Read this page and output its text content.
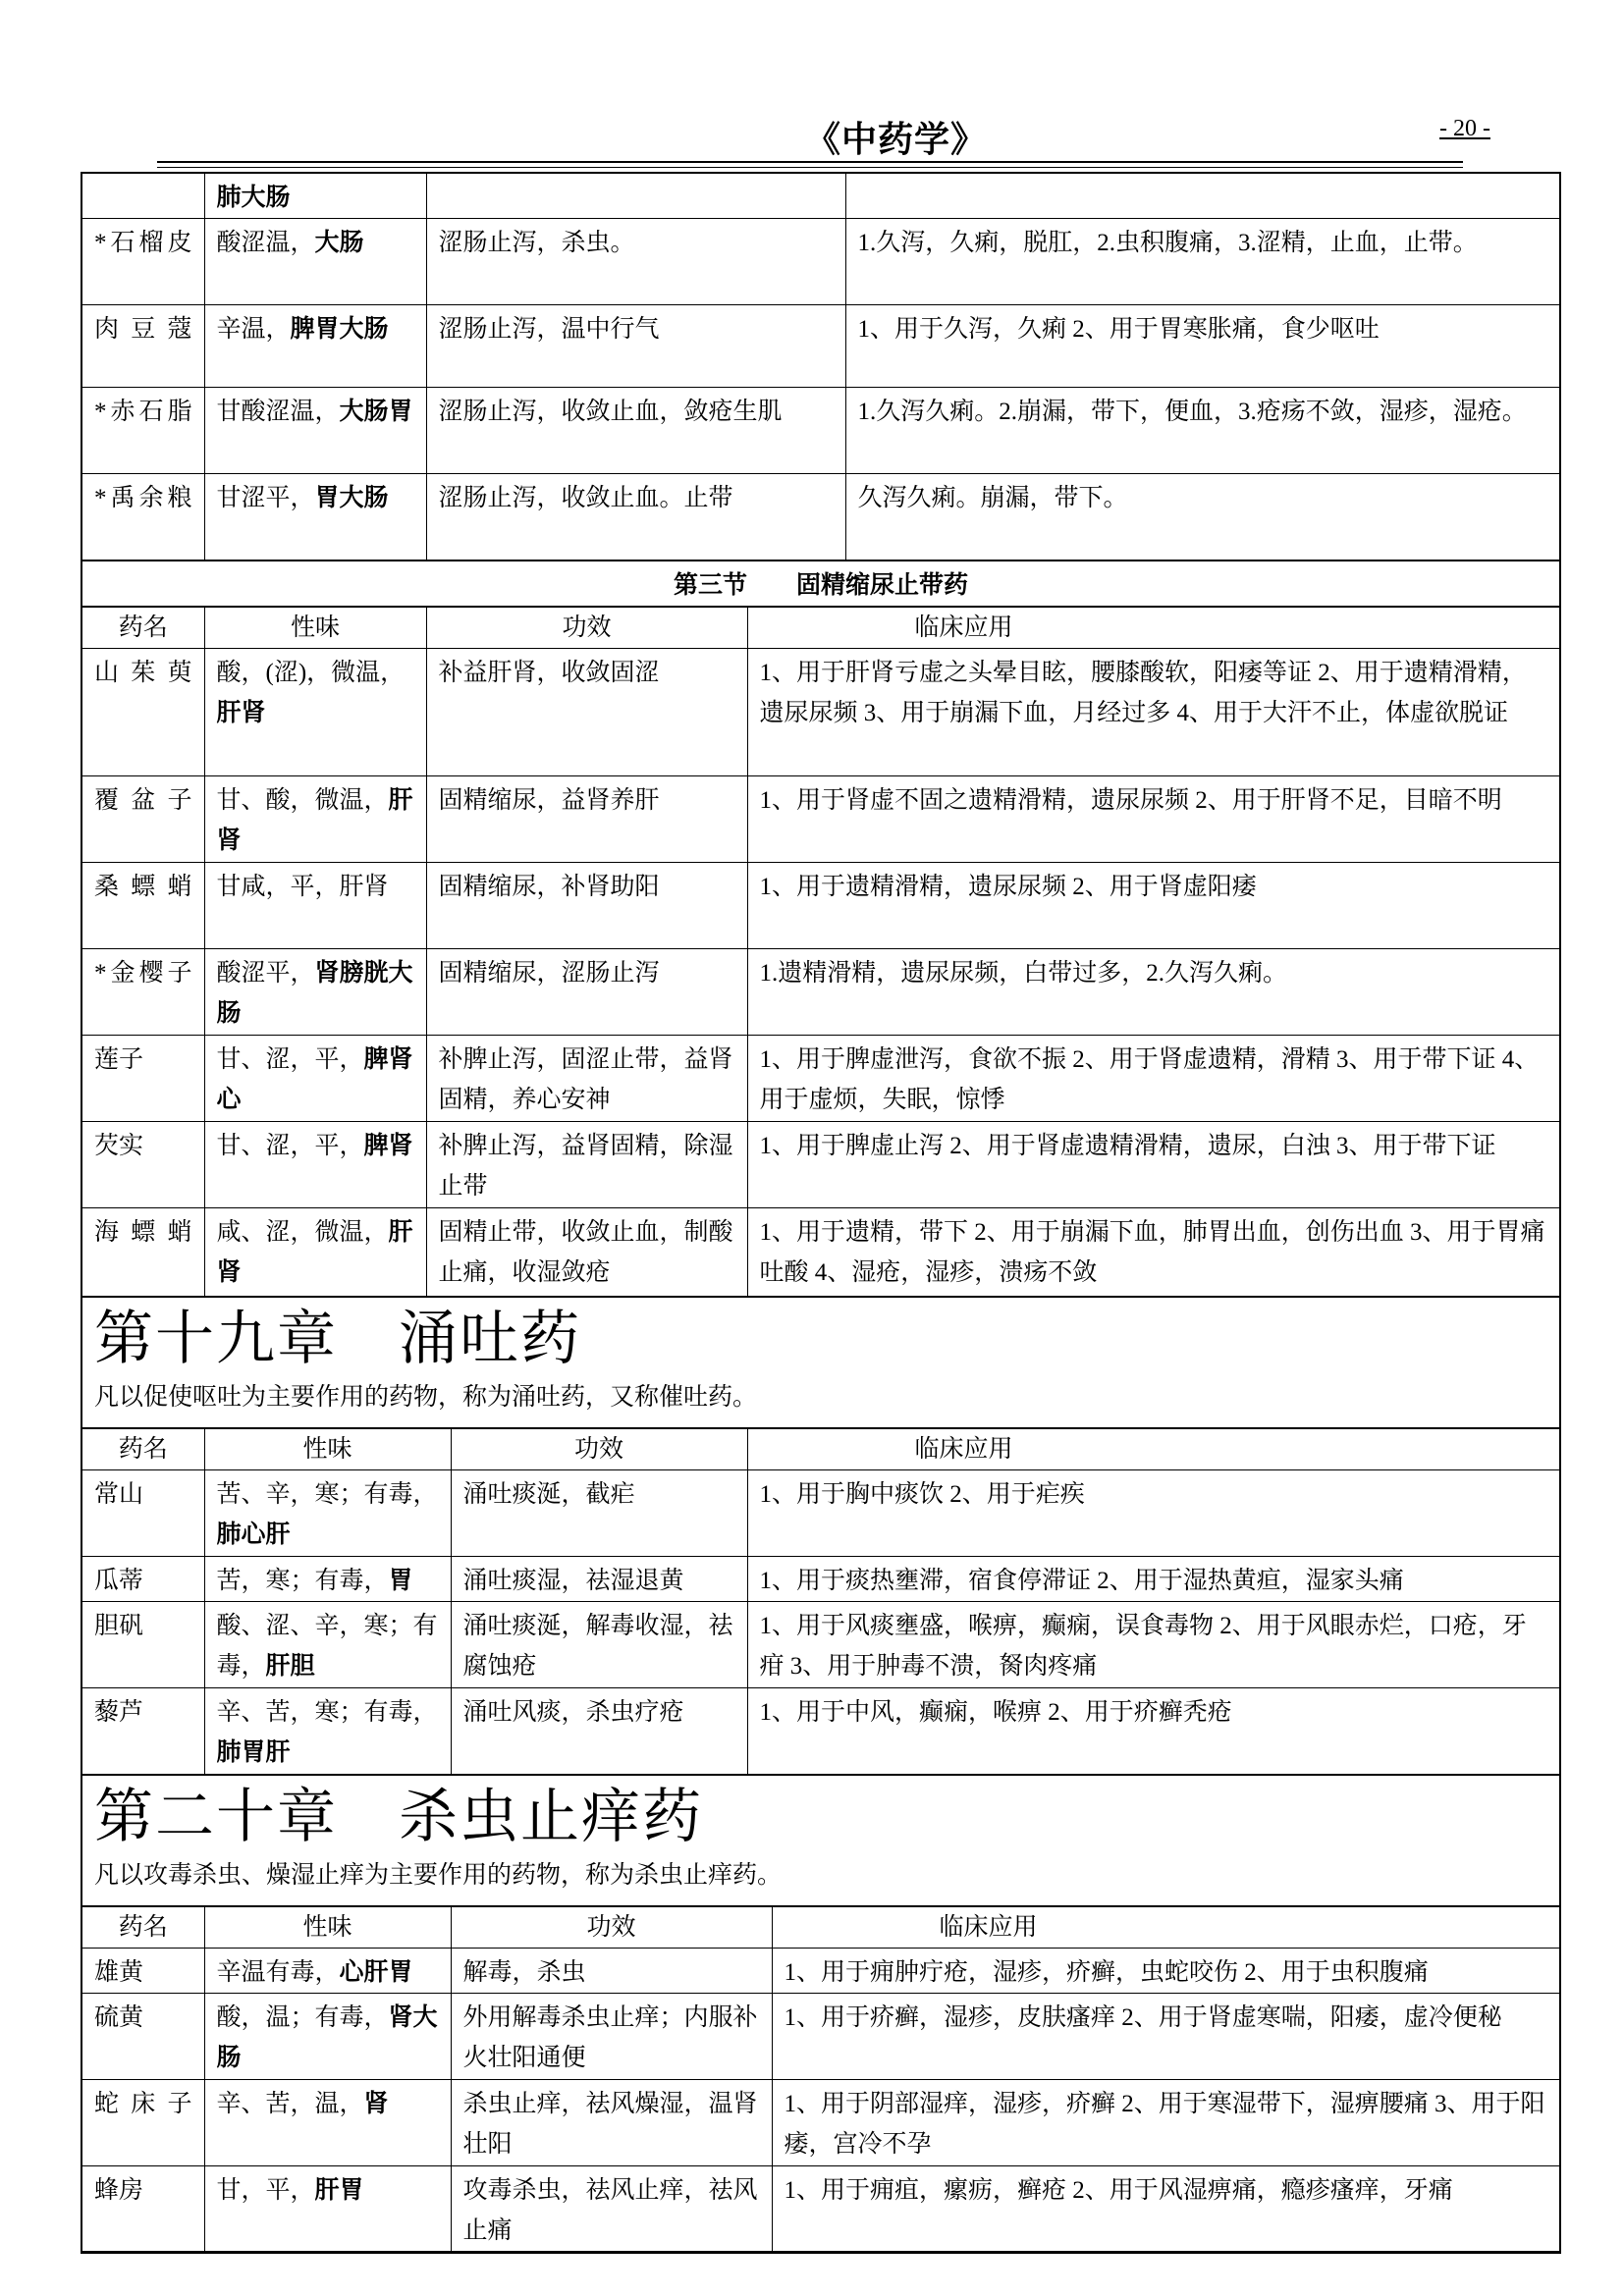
《中药学》	- 20 -
	肺大肠		
*石榴皮	酸涩温，大肠	涩肠止泻，杀虫。	1.久泻，久痢，脱肛，2.虫积腹痛，3.涩精，止血，止带。
肉豆蔻	辛温，脾胃大肠	涩肠止泻，温中行气	1、用于久泻，久痢 2、用于胃寒胀痛，食少呕吐
*赤石脂	甘酸涩温，大肠胃	涩肠止泻，收敛止血，敛疮生肌	1.久泻久痢。2.崩漏，带下，便血，3.疮疡不敛，湿疹，湿疮。
*禹余粮	甘涩平，胃大肠	涩肠止泻，收敛止血。止带	久泻久痢。崩漏，带下。
第三节　　固精缩尿止带药
药名	性味	功效	临床应用
山茱萸	酸，(涩)，微温，肝肾	补益肝肾，收敛固涩	1、用于肝肾亏虚之头晕目眩，腰膝酸软，阳痿等证 2、用于遗精滑精，遗尿尿频 3、用于崩漏下血，月经过多 4、用于大汗不止，体虚欲脱证
覆盆子	甘、酸，微温，肝肾	固精缩尿，益肾养肝	1、用于肾虚不固之遗精滑精，遗尿尿频 2、用于肝肾不足，目暗不明
桑螵蛸	甘咸，平，肝肾	固精缩尿，补肾助阳	1、用于遗精滑精，遗尿尿频 2、用于肾虚阳痿
*金樱子	酸涩平，肾膀胱大肠	固精缩尿，涩肠止泻	1.遗精滑精，遗尿尿频，白带过多，2.久泻久痢。
莲子	甘、涩，平，脾肾心	补脾止泻，固涩止带，益肾固精，养心安神	1、用于脾虚泄泻，食欲不振 2、用于肾虚遗精，滑精 3、用于带下证 4、用于虚烦，失眠，惊悸
芡实	甘、涩，平，脾肾	补脾止泻，益肾固精，除湿止带	1、用于脾虚止泻 2、用于肾虚遗精滑精，遗尿，白浊 3、用于带下证
海螵蛸	咸、涩，微温，肝肾	固精止带，收敛止血，制酸止痛，收湿敛疮	1、用于遗精，带下 2、用于崩漏下血，肺胃出血，创伤出血 3、用于胃痛吐酸 4、湿疮，湿疹，溃疡不敛
第十九章　涌吐药
凡以促使呕吐为主要作用的药物，称为涌吐药，又称催吐药。
药名	性味	功效	临床应用
常山	苦、辛，寒；有毒，肺心肝	涌吐痰涎，截疟	1、用于胸中痰饮 2、用于疟疾
瓜蒂	苦，寒；有毒，胃	涌吐痰湿，祛湿退黄	1、用于痰热壅滞，宿食停滞证 2、用于湿热黄疸，湿家头痛
胆矾	酸、涩、辛，寒；有毒，肝胆	涌吐痰涎，解毒收湿，祛腐蚀疮	1、用于风痰壅盛，喉痹，癫痫，误食毒物 2、用于风眼赤烂，口疮，牙疳 3、用于肿毒不溃，胬肉疼痛
藜芦	辛、苦，寒；有毒，肺胃肝	涌吐风痰，杀虫疗疮	1、用于中风，癫痫，喉痹 2、用于疥癣秃疮
第二十章　杀虫止痒药
凡以攻毒杀虫、燥湿止痒为主要作用的药物，称为杀虫止痒药。
药名	性味	功效	临床应用
雄黄	辛温有毒，心肝胃	解毒，杀虫	1、用于痈肿疔疮，湿疹，疥癣，虫蛇咬伤 2、用于虫积腹痛
硫黄	酸，温；有毒，肾大肠	外用解毒杀虫止痒；内服补火壮阳通便	1、用于疥癣，湿疹，皮肤瘙痒 2、用于肾虚寒喘，阳痿，虚冷便秘
蛇床子	辛、苦，温，肾	杀虫止痒，祛风燥湿，温肾壮阳	1、用于阴部湿痒，湿疹，疥癣 2、用于寒湿带下，湿痹腰痛 3、用于阳痿，宫冷不孕
蜂房	甘，平，肝胃	攻毒杀虫，祛风止痒，祛风止痛	1、用于痈疽，瘰疬，癣疮 2、用于风湿痹痛，瘾疹瘙痒，牙痛
